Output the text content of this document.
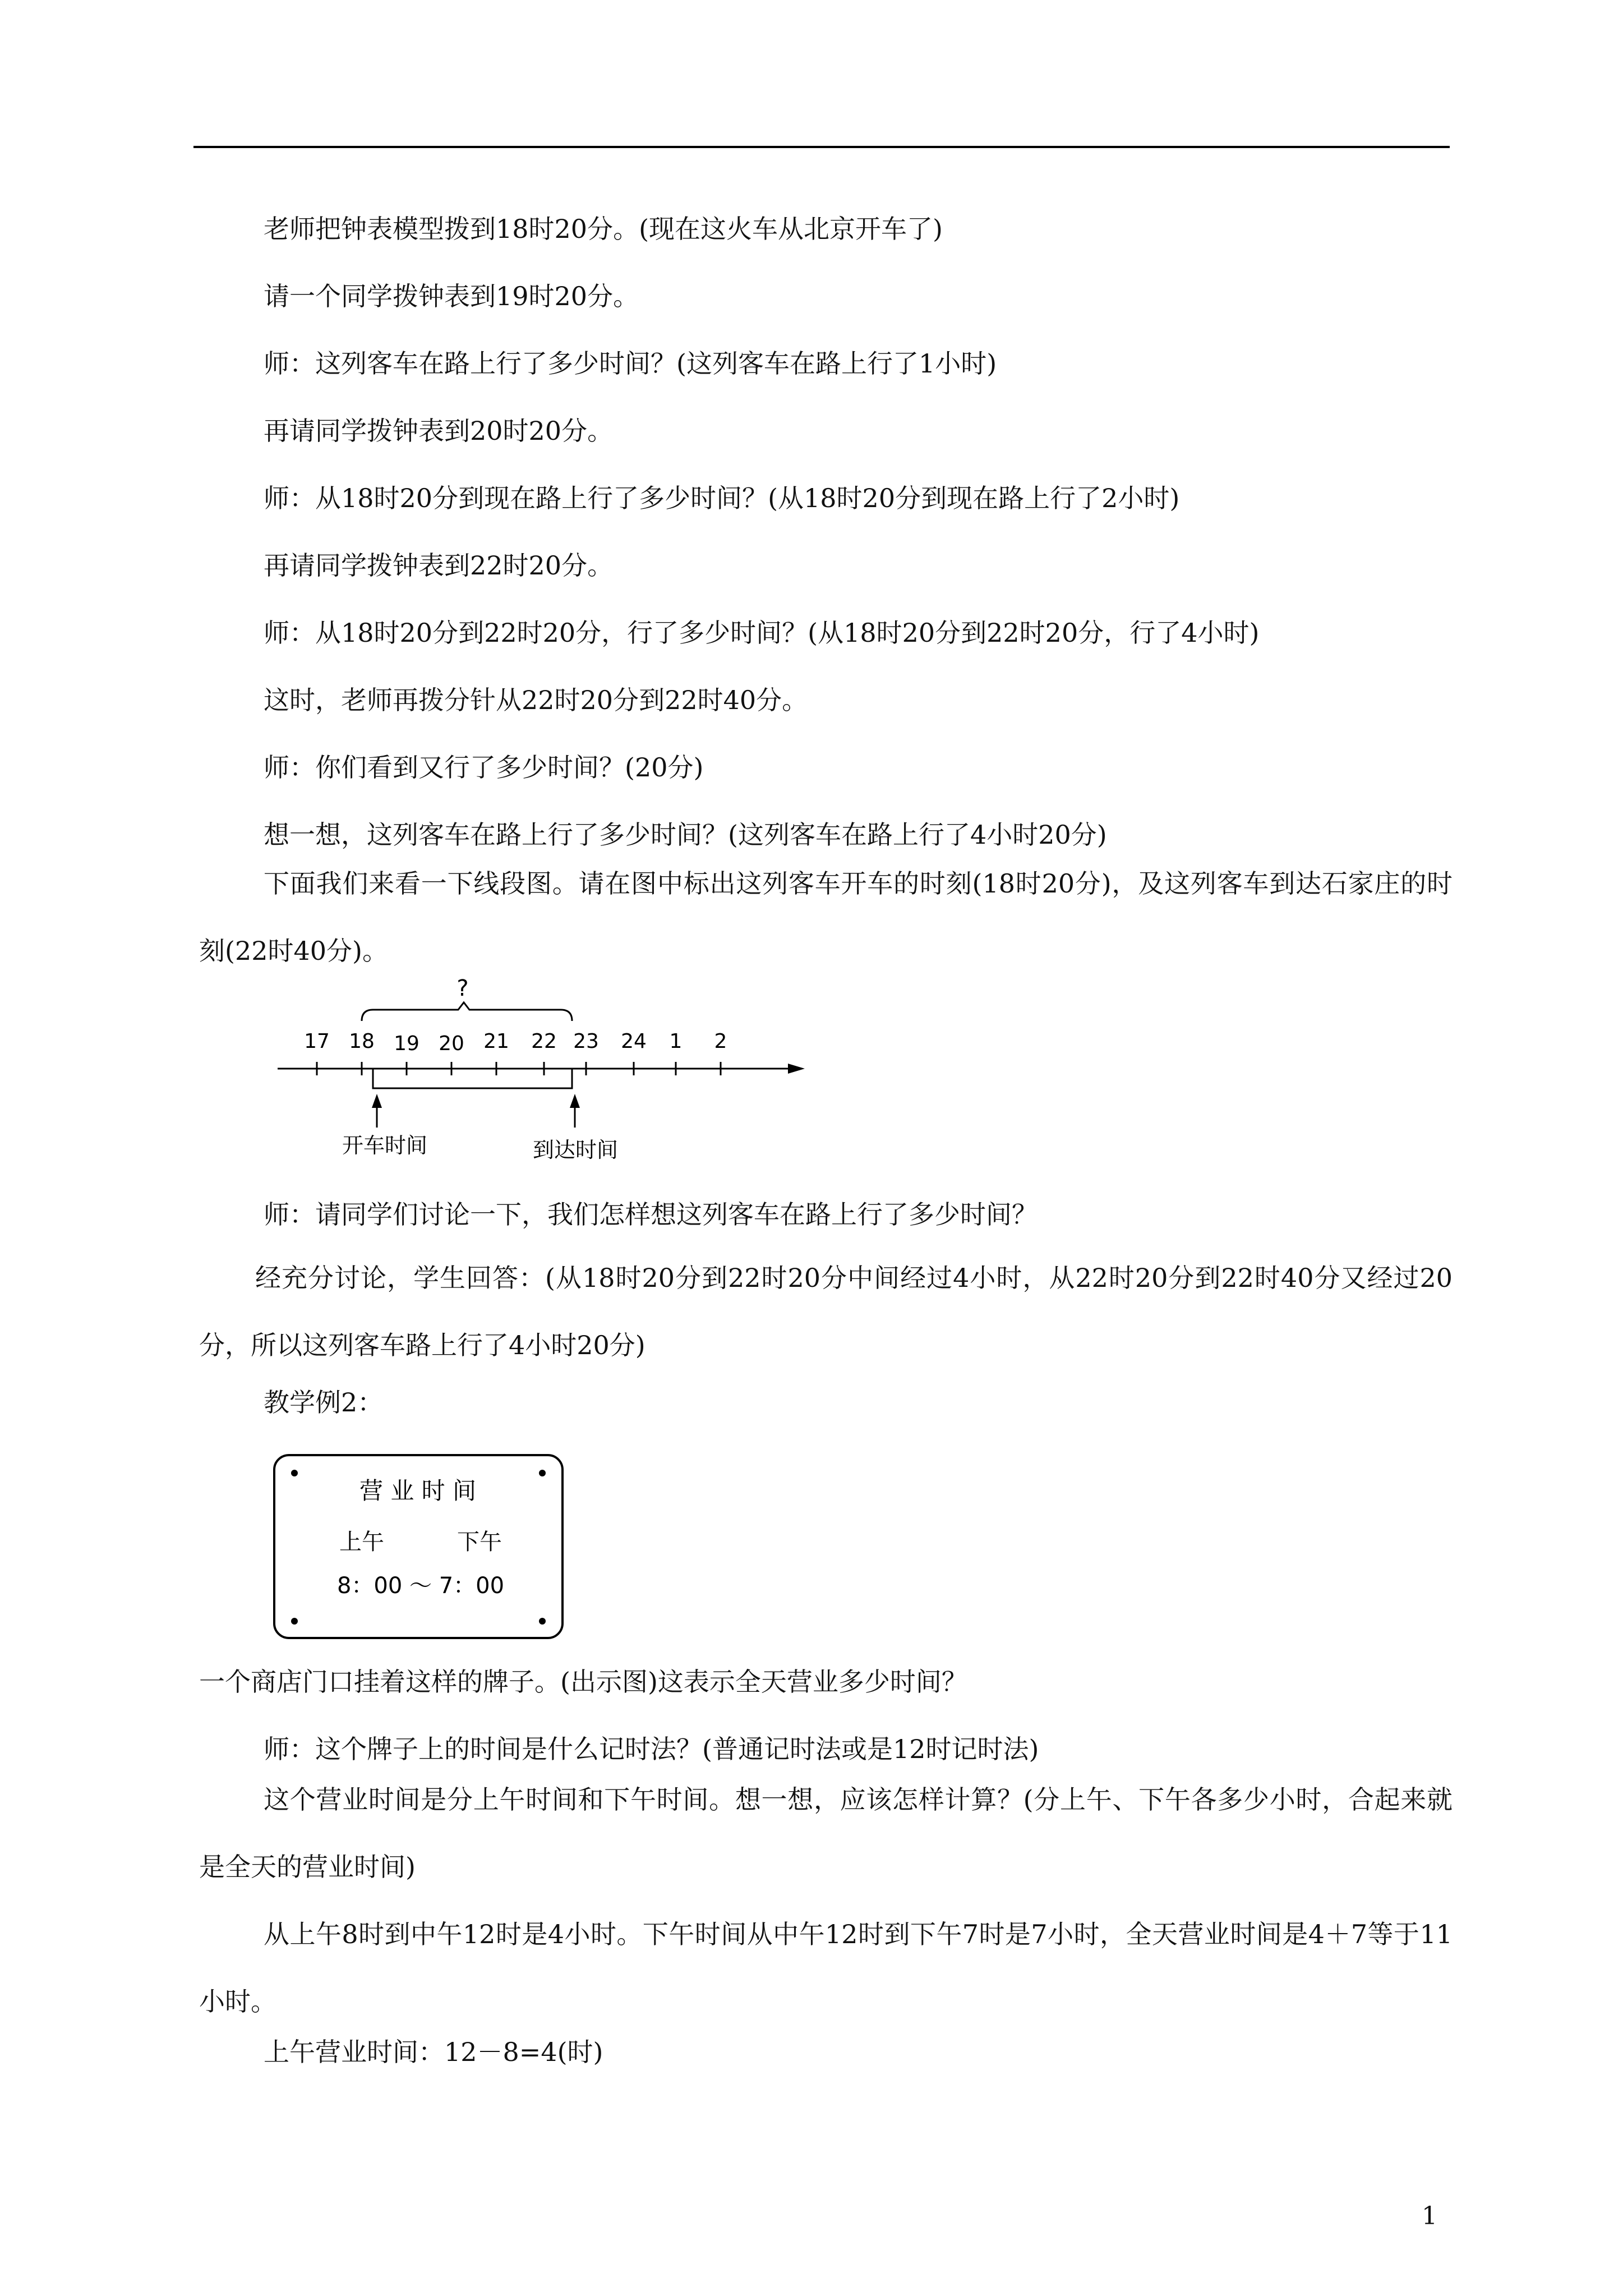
老师把钟表模型拨到18时20分。(现在这火车从北京开车了)
请一个同学拨钟表到19时20分。
师：这列客车在路上行了多少时间？(这列客车在路上行了1小时)
再请同学拨钟表到20时20分。
师：从18时20分到现在路上行了多少时间？(从18时20分到现在路上行了2小时)
再请同学拨钟表到22时20分。
师：从18时20分到22时20分，行了多少时间？(从18时20分到22时20分，行了4小时)
这时，老师再拨分针从22时20分到22时40分。
师：你们看到又行了多少时间？(20分)
想一想，这列客车在路上行了多少时间？(这列客车在路上行了4小时20分)
下面我们来看一下线段图。请在图中标出这列客车开车的时刻(18时20分)，及这列客车到达石家庄的时刻(22时40分)。
?
17 18 19 20 21 22 23 24 1 2
开车时间	到达时间
师：请同学们讨论一下，我们怎样想这列客车在路上行了多少时间？
经充分讨论，学生回答：(从18时20分到22时20分中间经过4小时，从22时20分到22时40分又经过20分，所以这列客车路上行了4小时20分)
教学例2：
营 业 时 间
上午	下午
8：00 ～ 7：00
一个商店门口挂着这样的牌子。(出示图)这表示全天营业多少时间？
师：这个牌子上的时间是什么记时法？(普通记时法或是12时记时法)
这个营业时间是分上午时间和下午时间。想一想，应该怎样计算？(分上午、下午各多少小时，合起来就是全天的营业时间)
从上午8时到中午12时是4小时。下午时间从中午12时到下午7时是7小时，全天营业时间是4＋7等于11小时。
上午营业时间：12－8=4(时)
1
